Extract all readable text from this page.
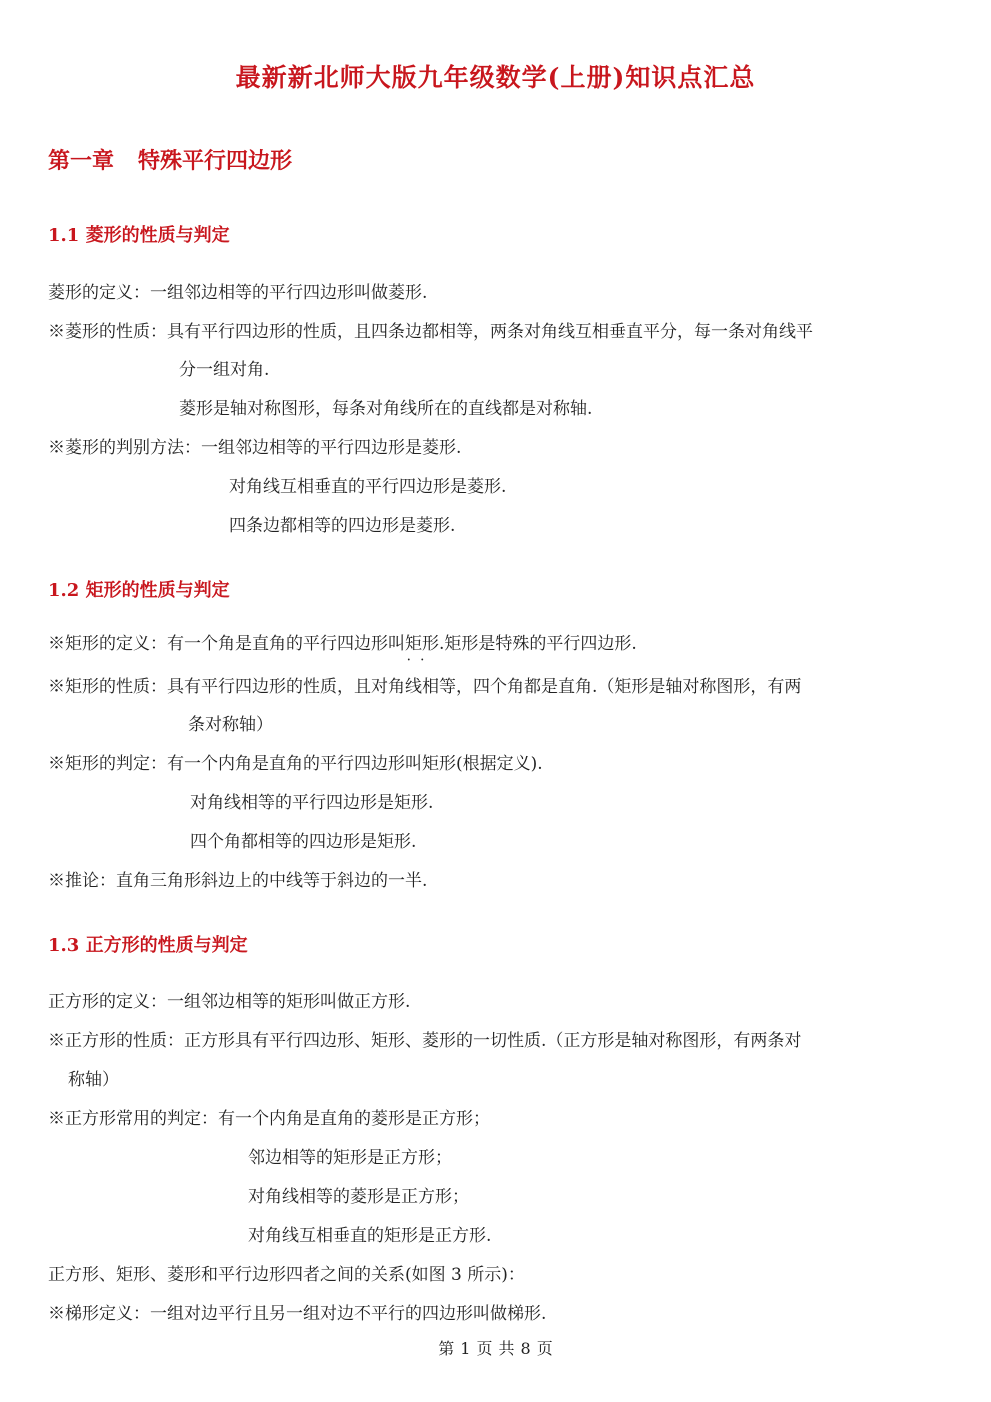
最新新北师大版九年级数学(上册)知识点汇总
第一章 特殊平行四边形
1.1 菱形的性质与判定
菱形的定义：一组邻边相等的平行四边形叫做菱形.
※菱形的性质：具有平行四边形的性质，且四条边都相等，两条对角线互相垂直平分，每一条对角线平
分一组对角.
菱形是轴对称图形，每条对角线所在的直线都是对称轴.
※菱形的判别方法：一组邻边相等的平行四边形是菱形.
对角线互相垂直的平行四边形是菱形.
四条边都相等的四边形是菱形.
1.2 矩形的性质与判定
※矩形的定义：有一个角是直角的平行四边形叫矩形 • •.矩形是特殊的平行四边形.
※矩形的性质：具有平行四边形的性质，且对角线相等，四个角都是直角.（矩形是轴对称图形，有两
条对称轴）
※矩形的判定：有一个内角是直角的平行四边形叫矩形(根据定义).
对角线相等的平行四边形是矩形.
四个角都相等的四边形是矩形.
※推论：直角三角形斜边上的中线等于斜边的一半.
1.3 正方形的性质与判定
正方形的定义：一组邻边相等的矩形叫做正方形.
※正方形的性质：正方形具有平行四边形、矩形、菱形的一切性质.（正方形是轴对称图形，有两条对
称轴）
※正方形常用的判定：有一个内角是直角的菱形是正方形；
邻边相等的矩形是正方形；
对角线相等的菱形是正方形；
对角线互相垂直的矩形是正方形.
正方形、矩形、菱形和平行边形四者之间的关系(如图 3 所示)：
※梯形定义：一组对边平行且另一组对边不平行的四边形叫做梯形.
第 1 页 共 8 页
